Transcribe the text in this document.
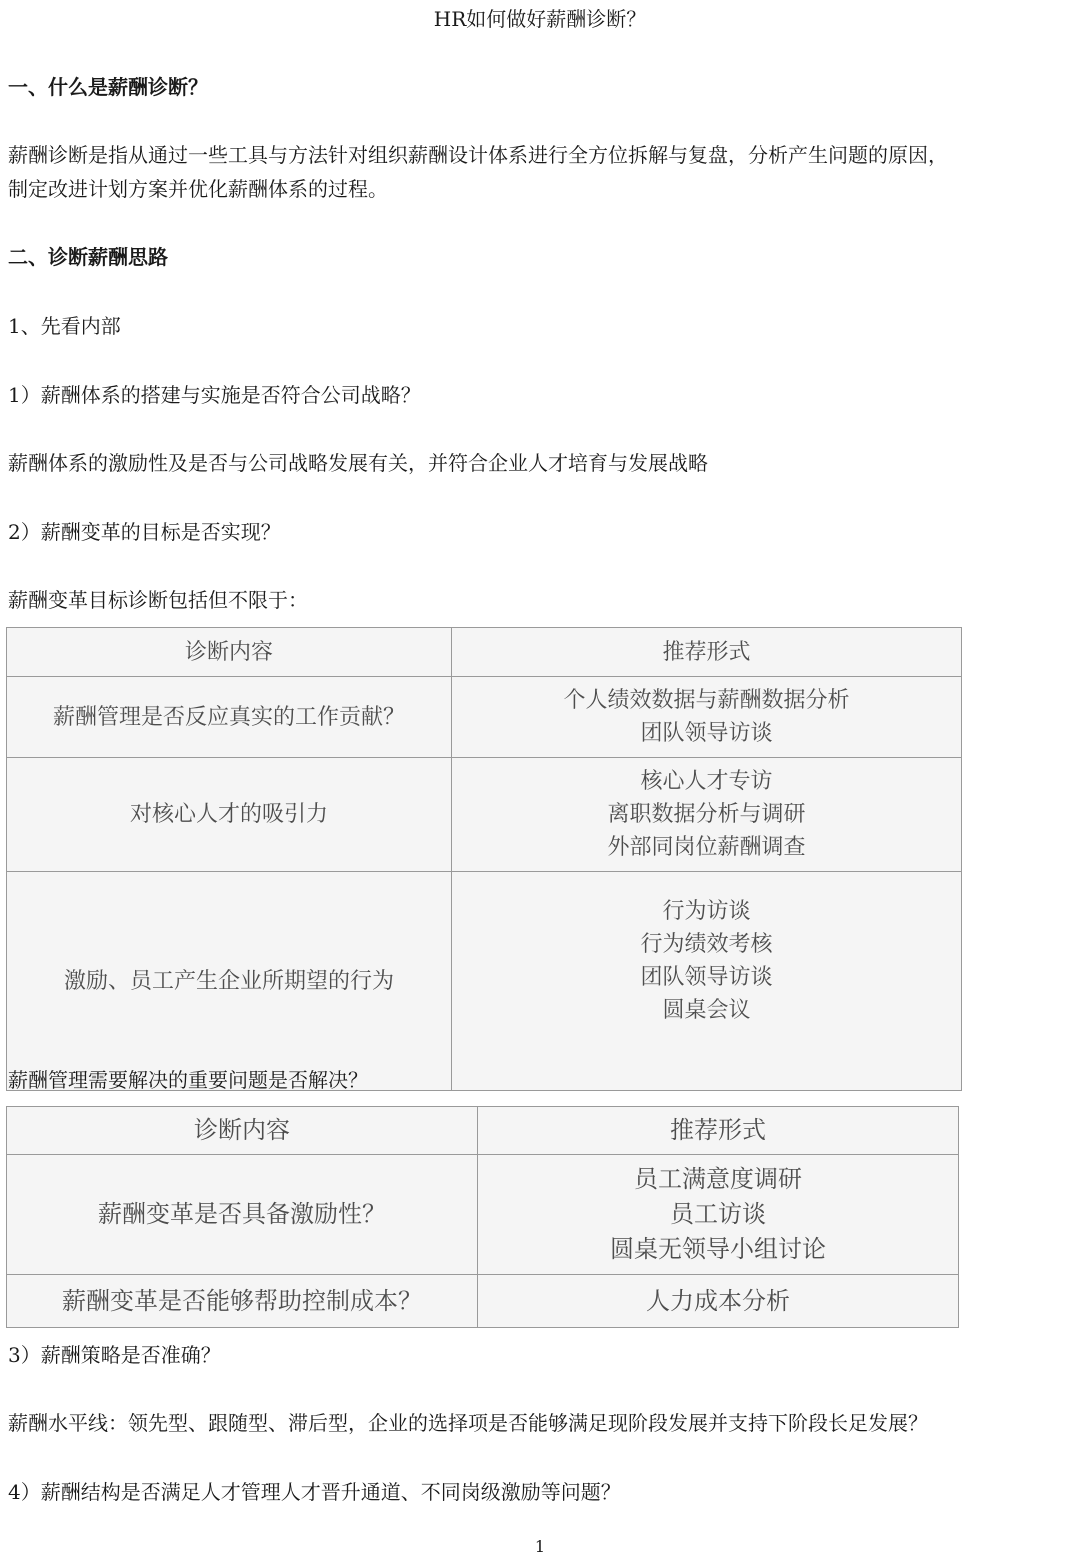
HR如何做好薪酬诊断？

一、什么是薪酬诊断？

薪酬诊断是指从通过一些工具与方法针对组织薪酬设计体系进行全方位拆解与复盘，分析产生问题的原因，

制定改进计划方案并优化薪酬体系的过程。

二、诊断薪酬思路

1、先看内部

1）薪酬体系的搭建与实施是否符合公司战略？

薪酬体系的激励性及是否与公司战略发展有关，并符合企业人才培育与发展战略

2）薪酬变革的目标是否实现？

薪酬变革目标诊断包括但不限于：

诊断内容	推荐形式
薪酬管理是否反应真实的工作贡献？	个人绩效数据与薪酬数据分析
团队领导访谈

对核心人才的吸引力	核心人才专访
离职数据分析与调研
外部同岗位薪酬调查

激励、员工产生企业所期望的行为	行为访谈
行为绩效考核
团队领导访谈
圆桌会议

薪酬管理需要解决的重要问题是否解决？

诊断内容	推荐形式
薪酬变革是否具备激励性？	员工满意度调研
员工访谈
圆桌无领导小组讨论

薪酬变革是否能够帮助控制成本？	人力成本分析

3）薪酬策略是否准确？

薪酬水平线：领先型、跟随型、滞后型，企业的选择项是否能够满足现阶段发展并支持下阶段长足发展？

4）薪酬结构是否满足人才管理人才晋升通道、不同岗级激励等问题？

1
